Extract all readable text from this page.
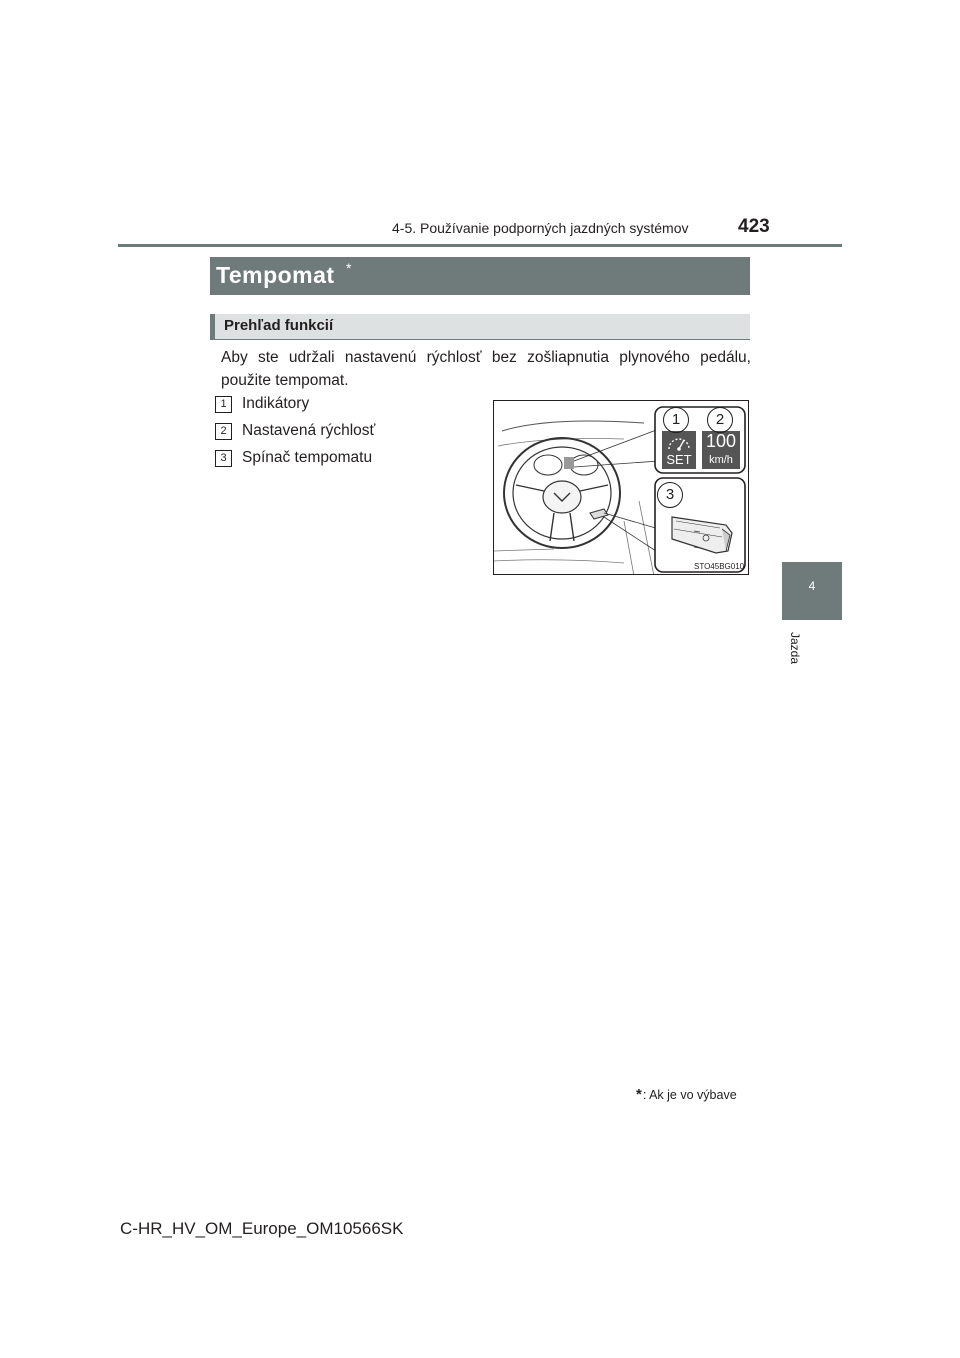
4-5. Používanie podporných jazdných systémov	423
4
Jazda
Tempomat *
Prehľad funkcií
Aby ste udržali nastavenú rýchlosť bez zošliapnutia plynového pedálu, použite tempomat.
1 Indikátory
2 Nastavená rýchlosť
3 Spínač tempomatu
1	2
3
SET
100
km/h
STO45BG010
*: Ak je vo výbave
C-HR_HV_OM_Europe_OM10566SK
